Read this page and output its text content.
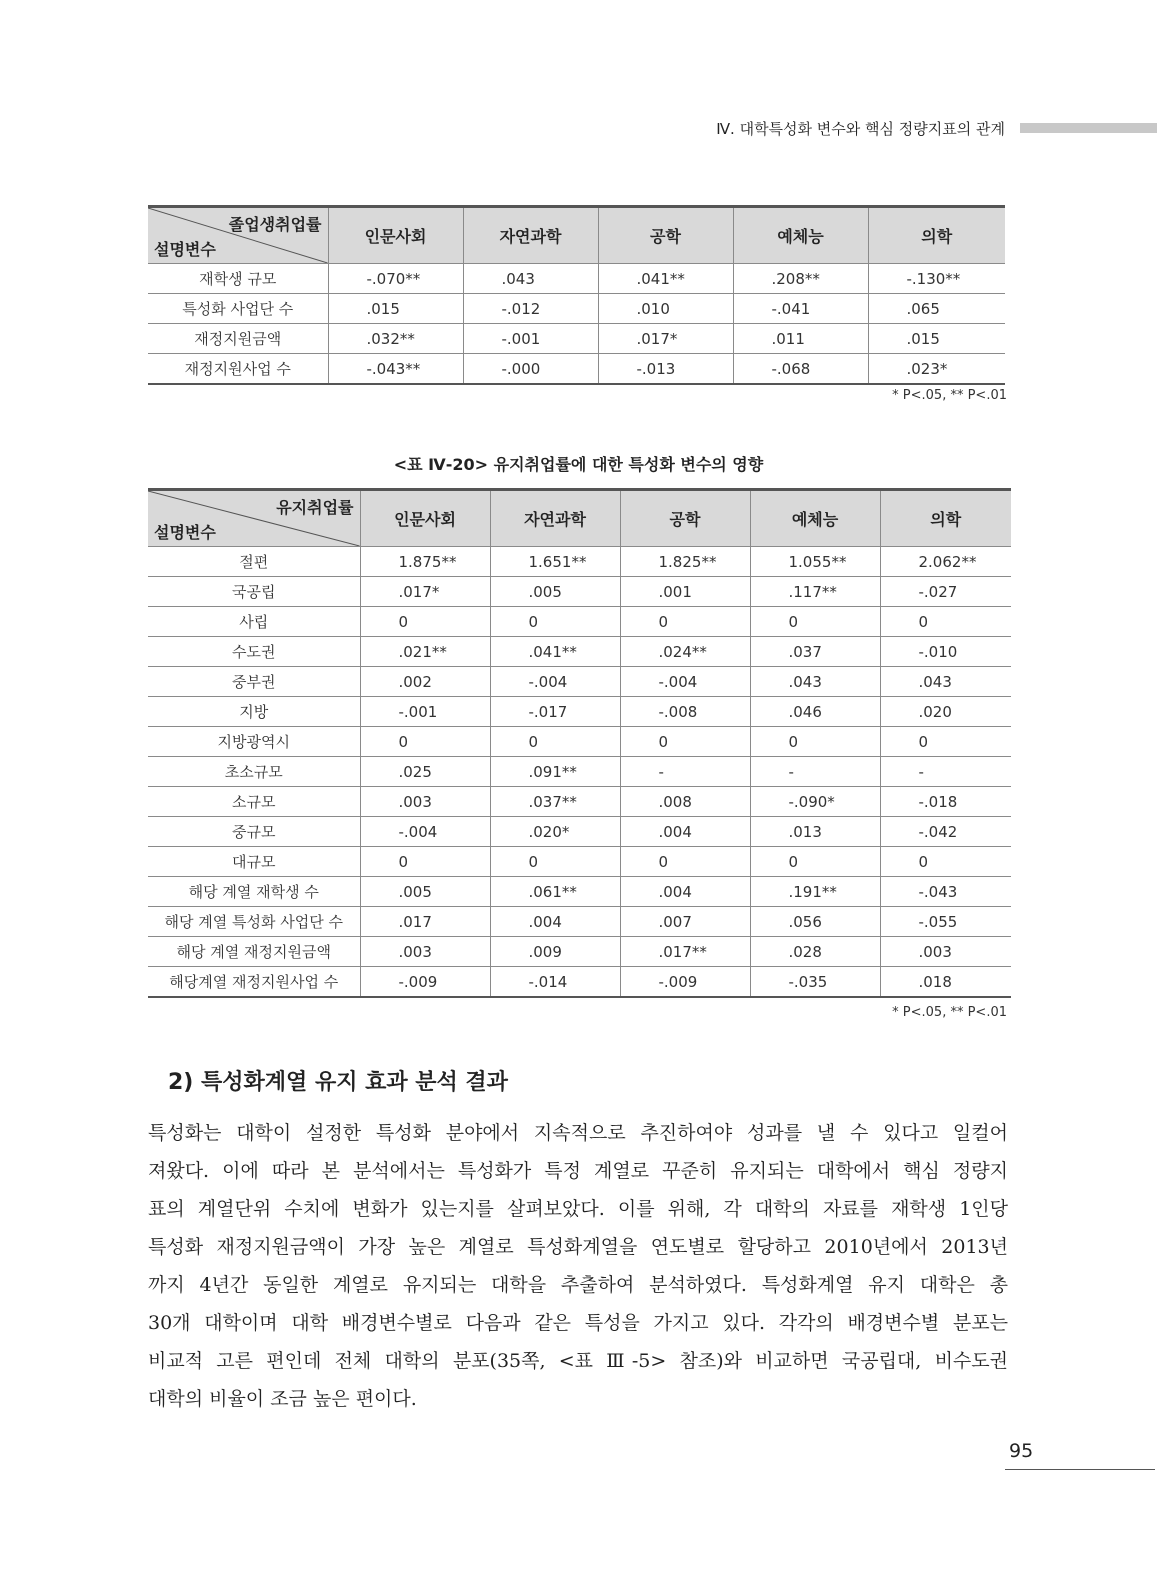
Ⅳ. 대학특성화 변수와 핵심 정량지표의 관계
졸업생취업률
설명변수	인문사회	자연과학	공학	예체능	의학
재학생 규모	-.070**	.043	.041**	.208**	-.130**
특성화 사업단 수	.015	-.012	.010	-.041	.065
재정지원금액	.032**	-.001	.017*	.011	.015
재정지원사업 수	-.043**	-.000	-.013	-.068	.023*
* P<.05, ** P<.01
<표 Ⅳ-20> 유지취업률에 대한 특성화 변수의 영향
유지취업률
설명변수	인문사회	자연과학	공학	예체능	의학
절편	1.875**	1.651**	1.825**	1.055**	2.062**
국공립	.017*	.005	.001	.117**	-.027
사립	0	0	0	0	0
수도권	.021**	.041**	.024**	.037	-.010
중부권	.002	-.004	-.004	.043	.043
지방	-.001	-.017	-.008	.046	.020
지방광역시	0	0	0	0	0
초소규모	.025	.091**	-	-	-
소규모	.003	.037**	.008	-.090*	-.018
중규모	-.004	.020*	.004	.013	-.042
대규모	0	0	0	0	0
해당 계열 재학생 수	.005	.061**	.004	.191**	-.043
해당 계열 특성화 사업단 수	.017	.004	.007	.056	-.055
해당 계열 재정지원금액	.003	.009	.017**	.028	.003
해당계열 재정지원사업 수	-.009	-.014	-.009	-.035	.018
* P<.05, ** P<.01
2) 특성화계열 유지 효과 분석 결과
특성화는 대학이 설정한 특성화 분야에서 지속적으로 추진하여야 성과를 낼 수 있다고 일컬어
져왔다. 이에 따라 본 분석에서는 특성화가 특정 계열로 꾸준히 유지되는 대학에서 핵심 정량지
표의 계열단위 수치에 변화가 있는지를 살펴보았다. 이를 위해, 각 대학의 자료를 재학생 1인당
특성화 재정지원금액이 가장 높은 계열로 특성화계열을 연도별로 할당하고 2010년에서 2013년
까지 4년간 동일한 계열로 유지되는 대학을 추출하여 분석하였다. 특성화계열 유지 대학은 총
30개 대학이며 대학 배경변수별로 다음과 같은 특성을 가지고 있다. 각각의 배경변수별 분포는
비교적 고른 편인데 전체 대학의 분포(35쪽, <표 Ⅲ-5> 참조)와 비교하면 국공립대, 비수도권
대학의 비율이 조금 높은 편이다.
95
